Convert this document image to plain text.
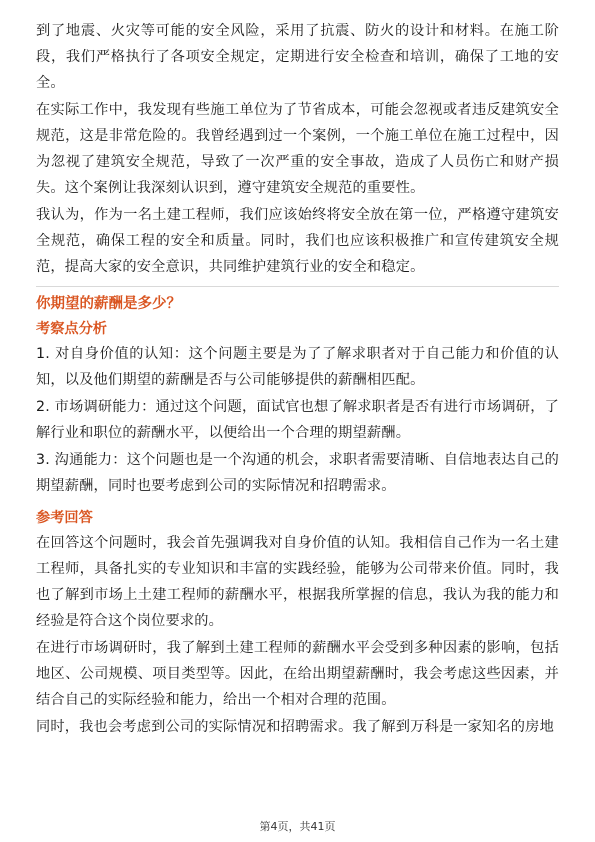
到了地震、火灾等可能的安全风险，采用了抗震、防火的设计和材料。在施工阶段，我们严格执行了各项安全规定，定期进行安全检查和培训，确保了工地的安全。

在实际工作中，我发现有些施工单位为了节省成本，可能会忽视或者违反建筑安全规范，这是非常危险的。我曾经遇到过一个案例，一个施工单位在施工过程中，因为忽视了建筑安全规范，导致了一次严重的安全事故，造成了人员伤亡和财产损失。这个案例让我深刻认识到，遵守建筑安全规范的重要性。

我认为，作为一名土建工程师，我们应该始终将安全放在第一位，严格遵守建筑安全规范，确保工程的安全和质量。同时，我们也应该积极推广和宣传建筑安全规范，提高大家的安全意识，共同维护建筑行业的安全和稳定。

你期望的薪酬是多少？

考察点分析

1. 对自身价值的认知：这个问题主要是为了了解求职者对于自己能力和价值的认知，以及他们期望的薪酬是否与公司能够提供的薪酬相匹配。

2. 市场调研能力：通过这个问题，面试官也想了解求职者是否有进行市场调研，了解行业和职位的薪酬水平，以便给出一个合理的期望薪酬。

3. 沟通能力：这个问题也是一个沟通的机会，求职者需要清晰、自信地表达自己的期望薪酬，同时也要考虑到公司的实际情况和招聘需求。

参考回答

在回答这个问题时，我会首先强调我对自身价值的认知。我相信自己作为一名土建工程师，具备扎实的专业知识和丰富的实践经验，能够为公司带来价值。同时，我也了解到市场上土建工程师的薪酬水平，根据我所掌握的信息，我认为我的能力和经验是符合这个岗位要求的。

在进行市场调研时，我了解到土建工程师的薪酬水平会受到多种因素的影响，包括地区、公司规模、项目类型等。因此，在给出期望薪酬时，我会考虑这些因素，并结合自己的实际经验和能力，给出一个相对合理的范围。

同时，我也会考虑到公司的实际情况和招聘需求。我了解到万科是一家知名的房地

第4页，共41页
